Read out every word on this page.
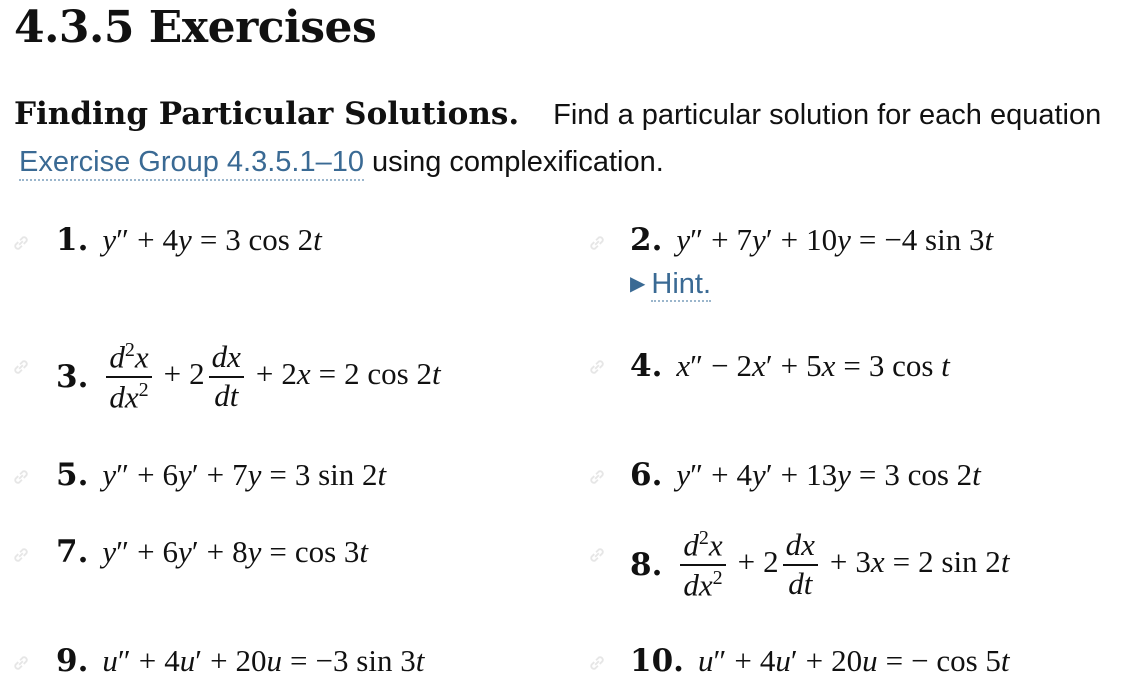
4.3.5 Exercises
Finding Particular Solutions. Find a particular solution for each equation
Exercise Group 4.3.5.1–10 using complexification.
1. y″ + 4y = 3 cos 2t	2. y″ + 7y′ + 10y = −4 sin 3t
▶ Hint.
3. $\frac{d^2x}{dx^2} + 2 \frac{dx}{dt} + 2x = 2$ cos 2t	4. x″ − 2x′ + 5x = 3 cos t
5. y″ + 6y′ + 7y = 3 sin 2t	6. y″ + 4y′ + 13y = 3 cos 2t
7. y″ + 6y′ + 8y = cos 3t	8. $\frac{d^2x}{dx^2} + 2 \frac{dx}{dt} + 3x = 2$ sin 2t
9. u″ + 4u′ + 20u = −3 sin 3t	10. u″ + 4u′ + 20u = − cos 5t
